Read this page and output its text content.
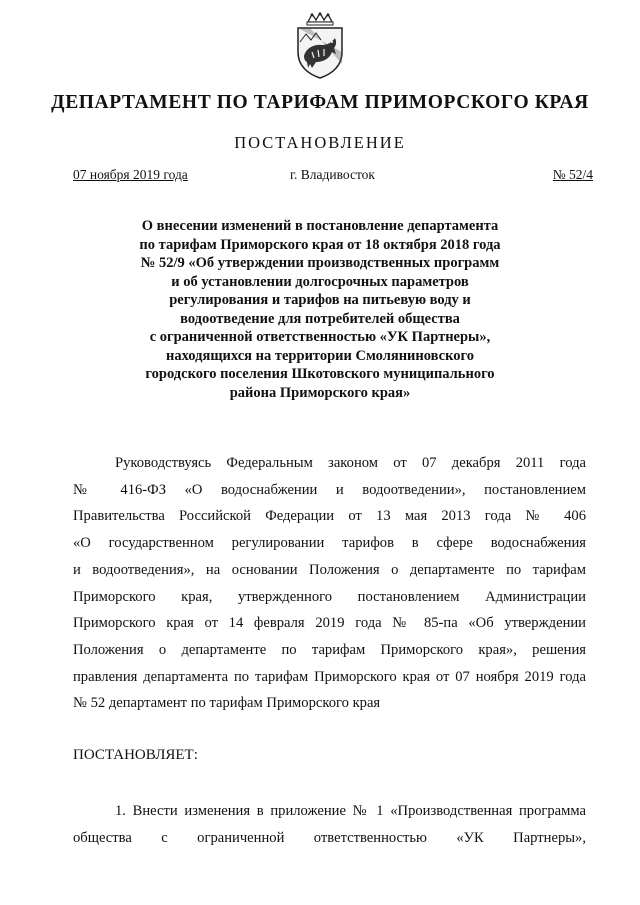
ДЕПАРТАМЕНТ ПО ТАРИФАМ ПРИМОРСКОГО КРАЯ
ПОСТАНОВЛЕНИЕ
07 ноября 2019 года	г. Владивосток	№ 52/4
О внесении изменений в постановление департамента
по тарифам Приморского края от 18 октября 2018 года
№ 52/9 «Об утверждении производственных программ
и об установлении долгосрочных параметров
регулирования и тарифов на питьевую воду и
водоотведение для потребителей общества
с ограниченной ответственностью «УК Партнеры»,
находящихся на территории Смоляниновского
городского поселения Шкотовского муниципального
района Приморского края»
Руководствуясь Федеральным законом от 07 декабря 2011 года
№ 416-ФЗ «О водоснабжении и водоотведении», постановлением
Правительства Российской Федерации от 13 мая 2013 года № 406
«О государственном регулировании тарифов в сфере водоснабжения
и водоотведения», на основании Положения о департаменте по тарифам
Приморского края, утвержденного постановлением Администрации
Приморского края от 14 февраля 2019 года № 85-па «Об утверждении
Положения о департаменте по тарифам Приморского края», решения
правления департамента по тарифам Приморского края от 07 ноября 2019 года
№ 52 департамент по тарифам Приморского края
ПОСТАНОВЛЯЕТ:
1. Внести изменения в приложение № 1 «Производственная программа
общества с ограниченной ответственностью «УК Партнеры»,
